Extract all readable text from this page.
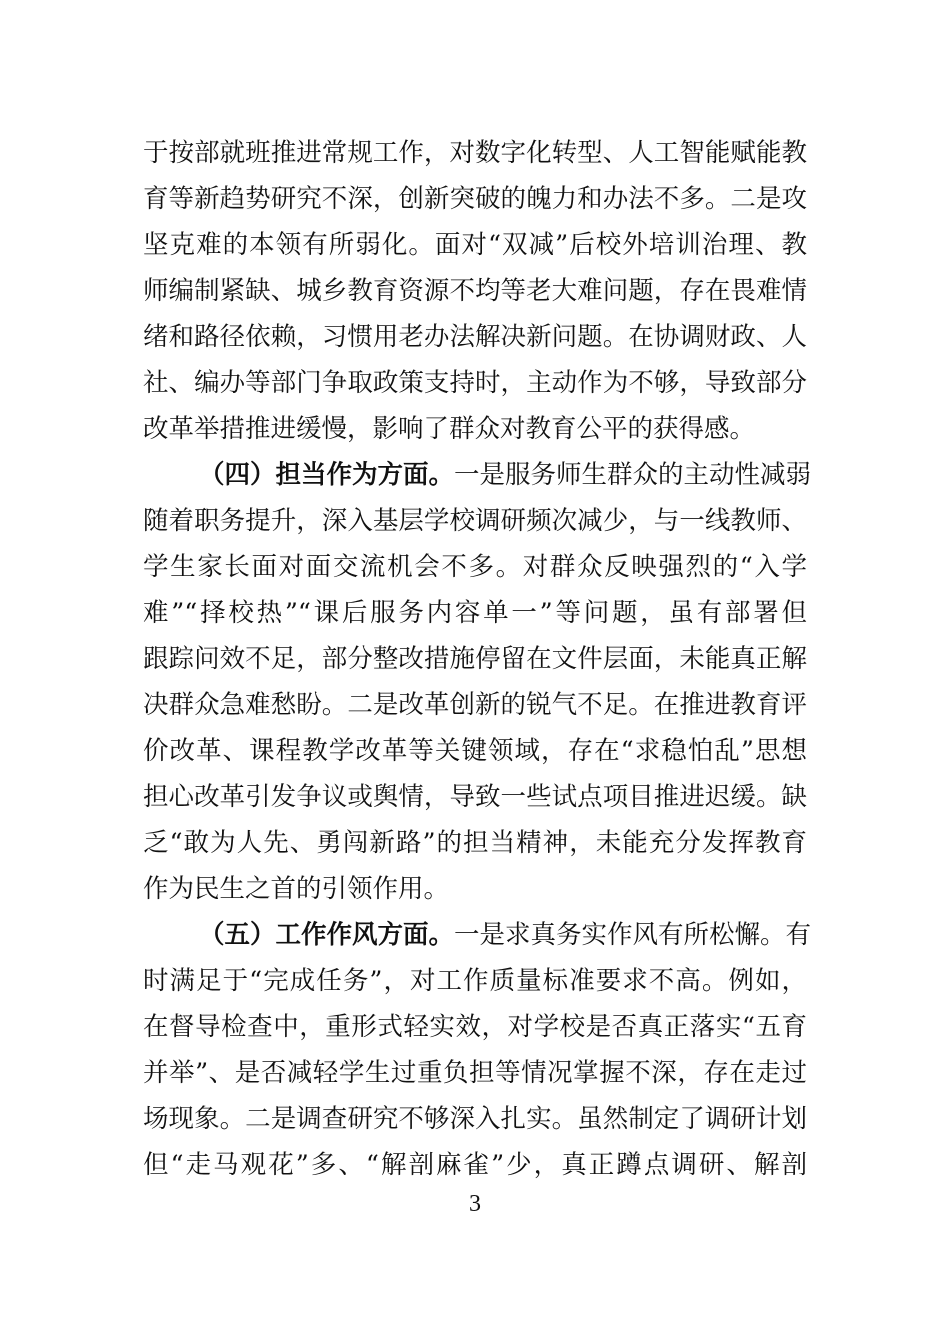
于按部就班推进常规工作，对数字化转型、人工智能赋能教
育等新趋势研究不深，创新突破的魄力和办法不多。二是攻
坚克难的本领有所弱化。面对“双减”后校外培训治理、教
师编制紧缺、城乡教育资源不均等老大难问题，存在畏难情
绪和路径依赖，习惯用老办法解决新问题。在协调财政、人
社、编办等部门争取政策支持时，主动作为不够，导致部分
改革举措推进缓慢，影响了群众对教育公平的获得感。
（四）担当作为方面。一是服务师生群众的主动性减弱
随着职务提升，深入基层学校调研频次减少，与一线教师、
学生家长面对面交流机会不多。对群众反映强烈的“入学
难”“择校热”“课后服务内容单一”等问题，虽有部署但
跟踪问效不足，部分整改措施停留在文件层面，未能真正解
决群众急难愁盼。二是改革创新的锐气不足。在推进教育评
价改革、课程教学改革等关键领域，存在“求稳怕乱”思想
担心改革引发争议或舆情，导致一些试点项目推进迟缓。缺
乏“敢为人先、勇闯新路”的担当精神，未能充分发挥教育
作为民生之首的引领作用。
（五）工作作风方面。一是求真务实作风有所松懈。有
时满足于“完成任务”，对工作质量标准要求不高。例如，
在督导检查中，重形式轻实效，对学校是否真正落实“五育
并举”、是否减轻学生过重负担等情况掌握不深，存在走过
场现象。二是调查研究不够深入扎实。虽然制定了调研计划
但“走马观花”多、“解剖麻雀”少，真正蹲点调研、解剖
3
